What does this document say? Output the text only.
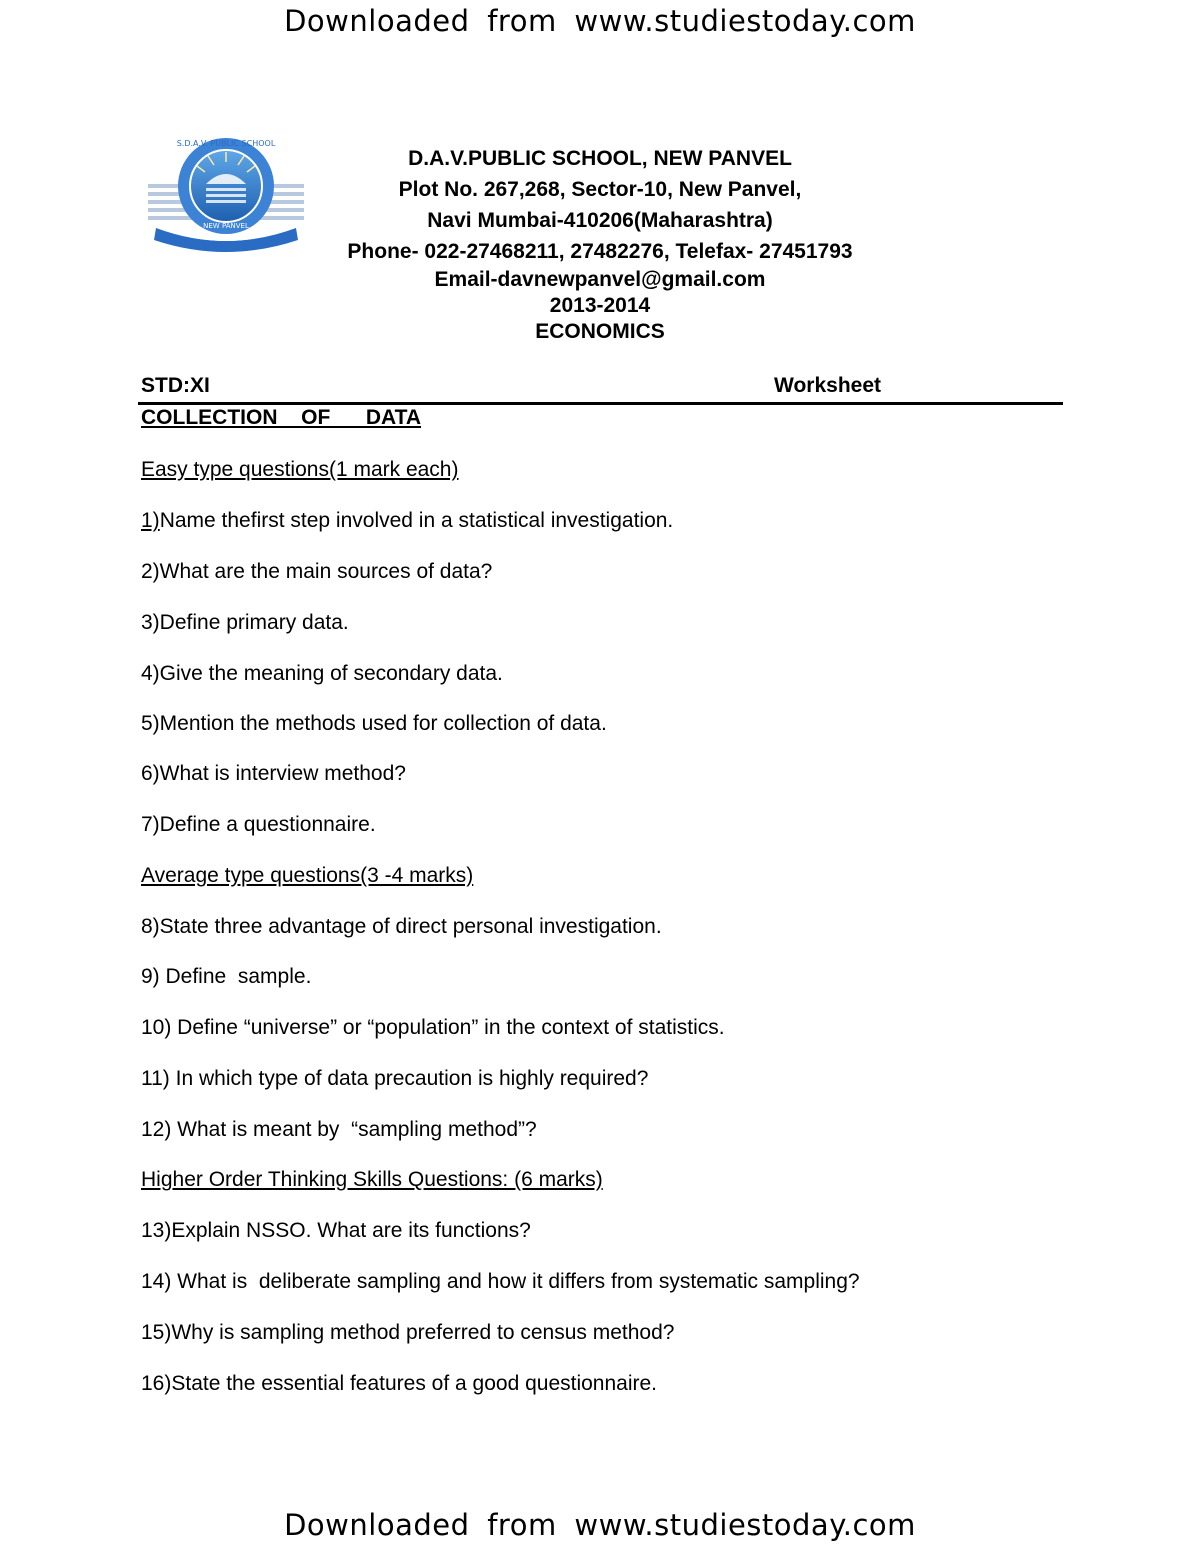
Downloaded from www.studiestoday.com
S.D.A.V. PUBLIC SCHOOL
NEW PANVEL
D.A.V.PUBLIC SCHOOL, NEW PANVEL
Plot No. 267,268, Sector-10, New Panvel,
Navi Mumbai-410206(Maharashtra)
Phone- 022-27468211, 27482276, Telefax- 27451793
Email-davnewpanvel@gmail.com
2013-2014
ECONOMICS
STD:XI	Worksheet
COLLECTION  OF   DATA
Easy type questions(1 mark each)
1)Name thefirst step involved in a statistical investigation.
2)What are the main sources of data?
3)Define primary data.
4)Give the meaning of secondary data.
5)Mention the methods used for collection of data.
6)What is interview method?
7)Define a questionnaire.
Average type questions(3 -4 marks)
8)State three advantage of direct personal investigation.
9) Define  sample.
10) Define “universe” or “population” in the context of statistics.
11) In which type of data precaution is highly required?
12) What is meant by  “sampling method”?
Higher Order Thinking Skills Questions: (6 marks)
13)Explain NSSO. What are its functions?
14) What is  deliberate sampling and how it differs from systematic sampling?
15)Why is sampling method preferred to census method?
16)State the essential features of a good questionnaire.
Downloaded from www.studiestoday.com
